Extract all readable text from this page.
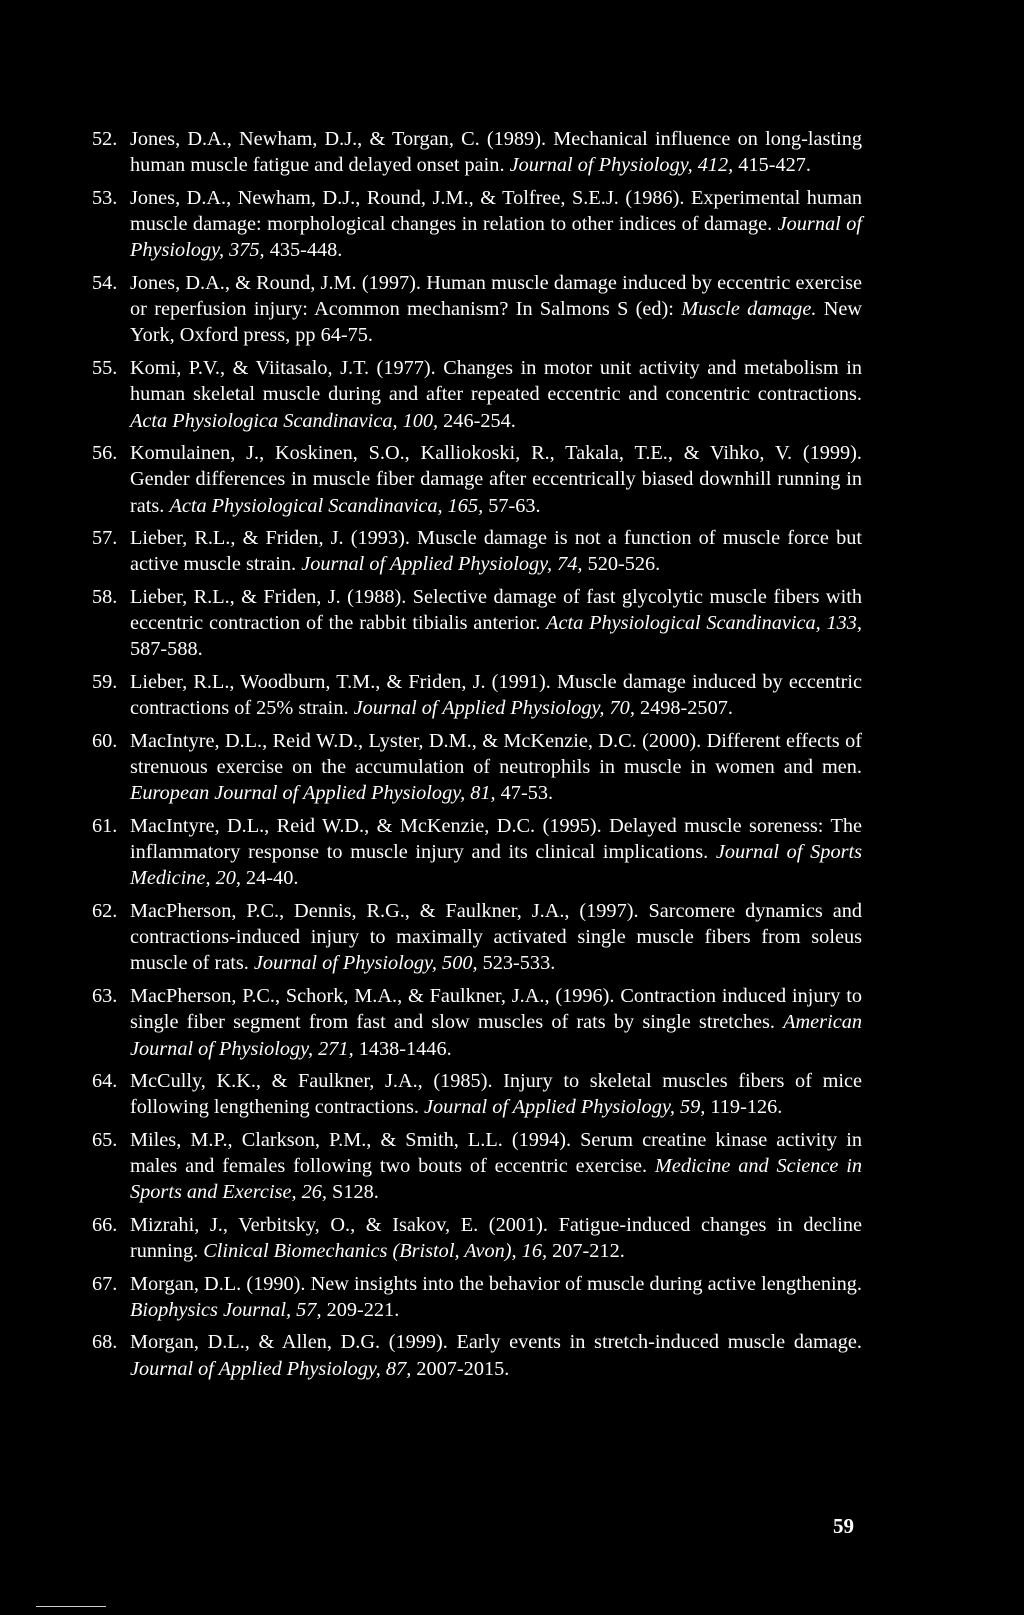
52. Jones, D.A., Newham, D.J., & Torgan, C. (1989). Mechanical influence on long-lasting human muscle fatigue and delayed onset pain. Journal of Physiology, 412, 415-427.
53. Jones, D.A., Newham, D.J., Round, J.M., & Tolfree, S.E.J. (1986). Experimental human muscle damage: morphological changes in relation to other indices of damage. Journal of Physiology, 375, 435-448.
54. Jones, D.A., & Round, J.M. (1997). Human muscle damage induced by eccentric exercise or reperfusion injury: Acommon mechanism? In Salmons S (ed): Muscle damage. New York, Oxford press, pp 64-75.
55. Komi, P.V., & Viitasalo, J.T. (1977). Changes in motor unit activity and metabolism in human skeletal muscle during and after repeated eccentric and concentric contractions. Acta Physiologica Scandinavica, 100, 246-254.
56. Komulainen, J., Koskinen, S.O., Kalliokoski, R., Takala, T.E., & Vihko, V. (1999). Gender differences in muscle fiber damage after eccentrically biased downhill running in rats. Acta Physiological Scandinavica, 165, 57-63.
57. Lieber, R.L., & Friden, J. (1993). Muscle damage is not a function of muscle force but active muscle strain. Journal of Applied Physiology, 74, 520-526.
58. Lieber, R.L., & Friden, J. (1988). Selective damage of fast glycolytic muscle fibers with eccentric contraction of the rabbit tibialis anterior. Acta Physiological Scandinavica, 133, 587-588.
59. Lieber, R.L., Woodburn, T.M., & Friden, J. (1991). Muscle damage induced by eccentric contractions of 25% strain. Journal of Applied Physiology, 70, 2498-2507.
60. MacIntyre, D.L., Reid W.D., Lyster, D.M., & McKenzie, D.C. (2000). Different effects of strenuous exercise on the accumulation of neutrophils in muscle in women and men. European Journal of Applied Physiology, 81, 47-53.
61. MacIntyre, D.L., Reid W.D., & McKenzie, D.C. (1995). Delayed muscle soreness: The inflammatory response to muscle injury and its clinical implications. Journal of Sports Medicine, 20, 24-40.
62. MacPherson, P.C., Dennis, R.G., & Faulkner, J.A., (1997). Sarcomere dynamics and contractions-induced injury to maximally activated single muscle fibers from soleus muscle of rats. Journal of Physiology, 500, 523-533.
63. MacPherson, P.C., Schork, M.A., & Faulkner, J.A., (1996). Contraction induced injury to single fiber segment from fast and slow muscles of rats by single stretches. American Journal of Physiology, 271, 1438-1446.
64. McCully, K.K., & Faulkner, J.A., (1985). Injury to skeletal muscles fibers of mice following lengthening contractions. Journal of Applied Physiology, 59, 119-126.
65. Miles, M.P., Clarkson, P.M., & Smith, L.L. (1994). Serum creatine kinase activity in males and females following two bouts of eccentric exercise. Medicine and Science in Sports and Exercise, 26, S128.
66. Mizrahi, J., Verbitsky, O., & Isakov, E. (2001). Fatigue-induced changes in decline running. Clinical Biomechanics (Bristol, Avon), 16, 207-212.
67. Morgan, D.L. (1990). New insights into the behavior of muscle during active lengthening. Biophysics Journal, 57, 209-221.
68. Morgan, D.L., & Allen, D.G. (1999). Early events in stretch-induced muscle damage. Journal of Applied Physiology, 87, 2007-2015.
59
